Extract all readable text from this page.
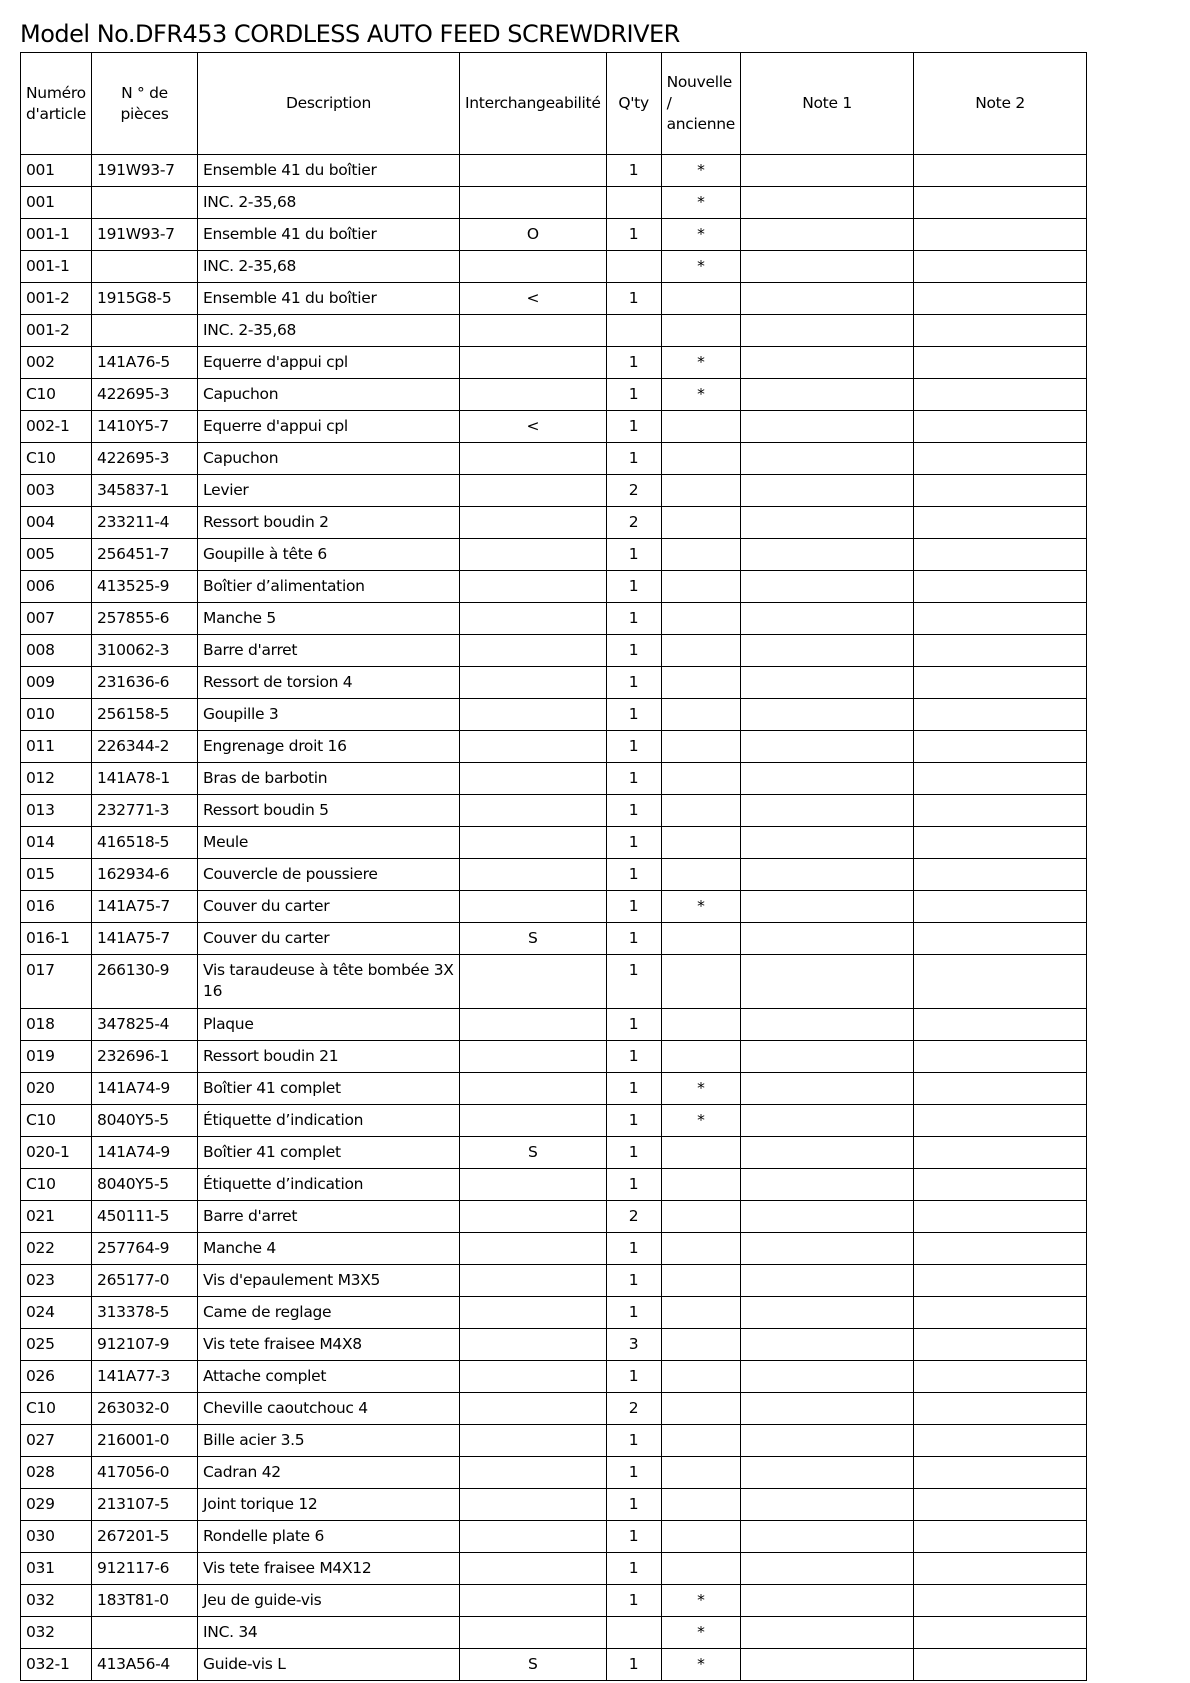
Model No.DFR453 CORDLESS AUTO FEED SCREWDRIVER
Numéro d'article	N ° de pièces	Description	Interchangeabilité	Q'ty	Nouvelle / ancienne	Note 1	Note 2
001	191W93-7	Ensemble 41 du boîtier		1	*		
001		INC. 2-35,68			*		
001-1	191W93-7	Ensemble 41 du boîtier	O	1	*		
001-1		INC. 2-35,68			*		
001-2	1915G8-5	Ensemble 41 du boîtier	<	1			
001-2		INC. 2-35,68					
002	141A76-5	Equerre d'appui cpl		1	*		
C10	422695-3	Capuchon		1	*		
002-1	1410Y5-7	Equerre d'appui cpl	<	1			
C10	422695-3	Capuchon		1			
003	345837-1	Levier		2			
004	233211-4	Ressort boudin 2		2			
005	256451-7	Goupille à tête 6		1			
006	413525-9	Boîtier d’alimentation		1			
007	257855-6	Manche 5		1			
008	310062-3	Barre d'arret		1			
009	231636-6	Ressort de torsion 4		1			
010	256158-5	Goupille 3		1			
011	226344-2	Engrenage droit 16		1			
012	141A78-1	Bras de barbotin		1			
013	232771-3	Ressort boudin 5		1			
014	416518-5	Meule		1			
015	162934-6	Couvercle de poussiere		1			
016	141A75-7	Couver du carter		1	*		
016-1	141A75-7	Couver du carter	S	1			
017	266130-9	Vis taraudeuse à tête bombée 3X 16		1			
018	347825-4	Plaque		1			
019	232696-1	Ressort boudin 21		1			
020	141A74-9	Boîtier 41 complet		1	*		
C10	8040Y5-5	Étiquette d’indication		1	*		
020-1	141A74-9	Boîtier 41 complet	S	1			
C10	8040Y5-5	Étiquette d’indication		1			
021	450111-5	Barre d'arret		2			
022	257764-9	Manche 4		1			
023	265177-0	Vis d'epaulement M3X5		1			
024	313378-5	Came de reglage		1			
025	912107-9	Vis tete fraisee M4X8		3			
026	141A77-3	Attache complet		1			
C10	263032-0	Cheville caoutchouc 4		2			
027	216001-0	Bille acier 3.5		1			
028	417056-0	Cadran 42		1			
029	213107-5	Joint torique 12		1			
030	267201-5	Rondelle plate 6		1			
031	912117-6	Vis tete fraisee M4X12		1			
032	183T81-0	Jeu de guide-vis		1	*		
032		INC. 34			*		
032-1	413A56-4	Guide-vis L	S	1	*		
